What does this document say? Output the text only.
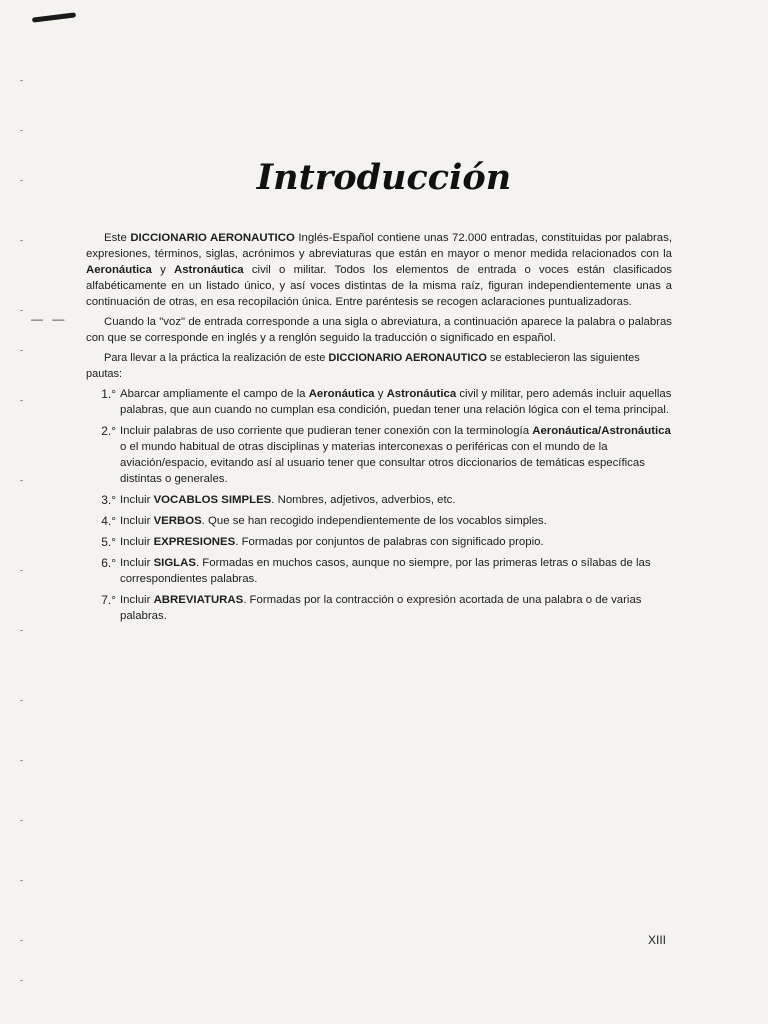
— —
Introducción

Este DICCIONARIO AERONAUTICO Inglés-Español contiene unas 72.000 entradas, constituidas por palabras, expresiones, términos, siglas, acrónimos y abreviaturas que están en mayor o menor medida relacionados con la Aeronáutica y Astronáutica civil o militar. Todos los elementos de entrada o voces están clasificados alfabéticamente en un listado único, y así voces distintas de la misma raíz, figuran independientemente unas a continuación de otras, en esa recopilación única. Entre paréntesis se recogen aclaraciones puntualizadoras.

Cuando la "voz" de entrada corresponde a una sigla o abreviatura, a continuación aparece la palabra o palabras con que se corresponde en inglés y a renglón seguido la traducción o significado en español.

Para llevar a la práctica la realización de este DICCIONARIO AERONAUTICO se establecieron las siguientes pautas:

1.° Abarcar ampliamente el campo de la Aeronáutica y Astronáutica civil y militar, pero además incluir aquellas palabras, que aun cuando no cumplan esa condición, puedan tener una relación lógica con el tema principal.
2.° Incluir palabras de uso corriente que pudieran tener conexión con la terminología Aeronáutica/Astronáutica o el mundo habitual de otras disciplinas y materias interconexas o periféricas con el mundo de la aviación/espacio, evitando así al usuario tener que consultar otros diccionarios de temáticas específicas distintas o generales.
3.° Incluir VOCABLOS SIMPLES. Nombres, adjetivos, adverbios, etc.
4.° Incluir VERBOS. Que se han recogido independientemente de los vocablos simples.
5.° Incluir EXPRESIONES. Formadas por conjuntos de palabras con significado propio.
6.° Incluir SIGLAS. Formadas en muchos casos, aunque no siempre, por las primeras letras o sílabas de las correspondientes palabras.
7.° Incluir ABREVIATURAS. Formadas por la contracción o expresión acortada de una palabra o de varias palabras.
XIII
